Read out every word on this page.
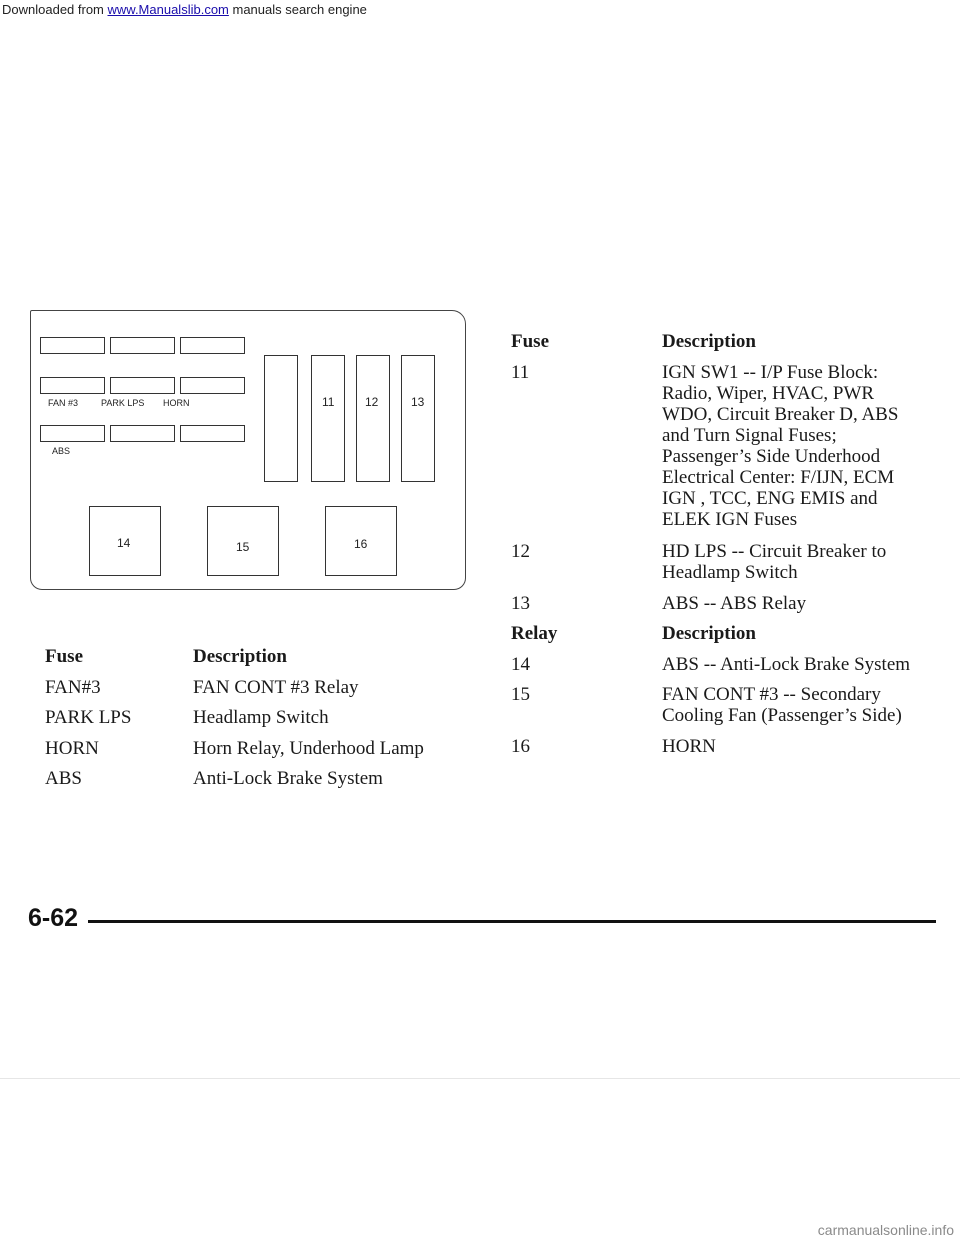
Downloaded from www.Manualslib.com manuals search engine
FAN #3	PARK LPS HORN
ABS
11	12	13
14	15	16
Fuse	Description
FAN#3	FAN CONT #3 Relay
PARK LPS	Headlamp Switch
HORN	Horn Relay, Underhood Lamp
ABS	Anti-Lock Brake System
Fuse	Description
11	IGN SW1 -- I/P Fuse Block: Radio, Wiper, HVAC, PWR WDO, Circuit Breaker D, ABS and Turn Signal Fuses; Passenger’s Side Underhood Electrical Center: F/IJN, ECM IGN , TCC, ENG EMIS and ELEK IGN Fuses
12	HD LPS -- Circuit Breaker to Headlamp Switch
13	ABS -- ABS Relay
Relay	Description
14	ABS -- Anti-Lock Brake System
15	FAN CONT #3 -- Secondary Cooling Fan (Passenger’s Side)
16	HORN
6-62
carmanualsonline.info
